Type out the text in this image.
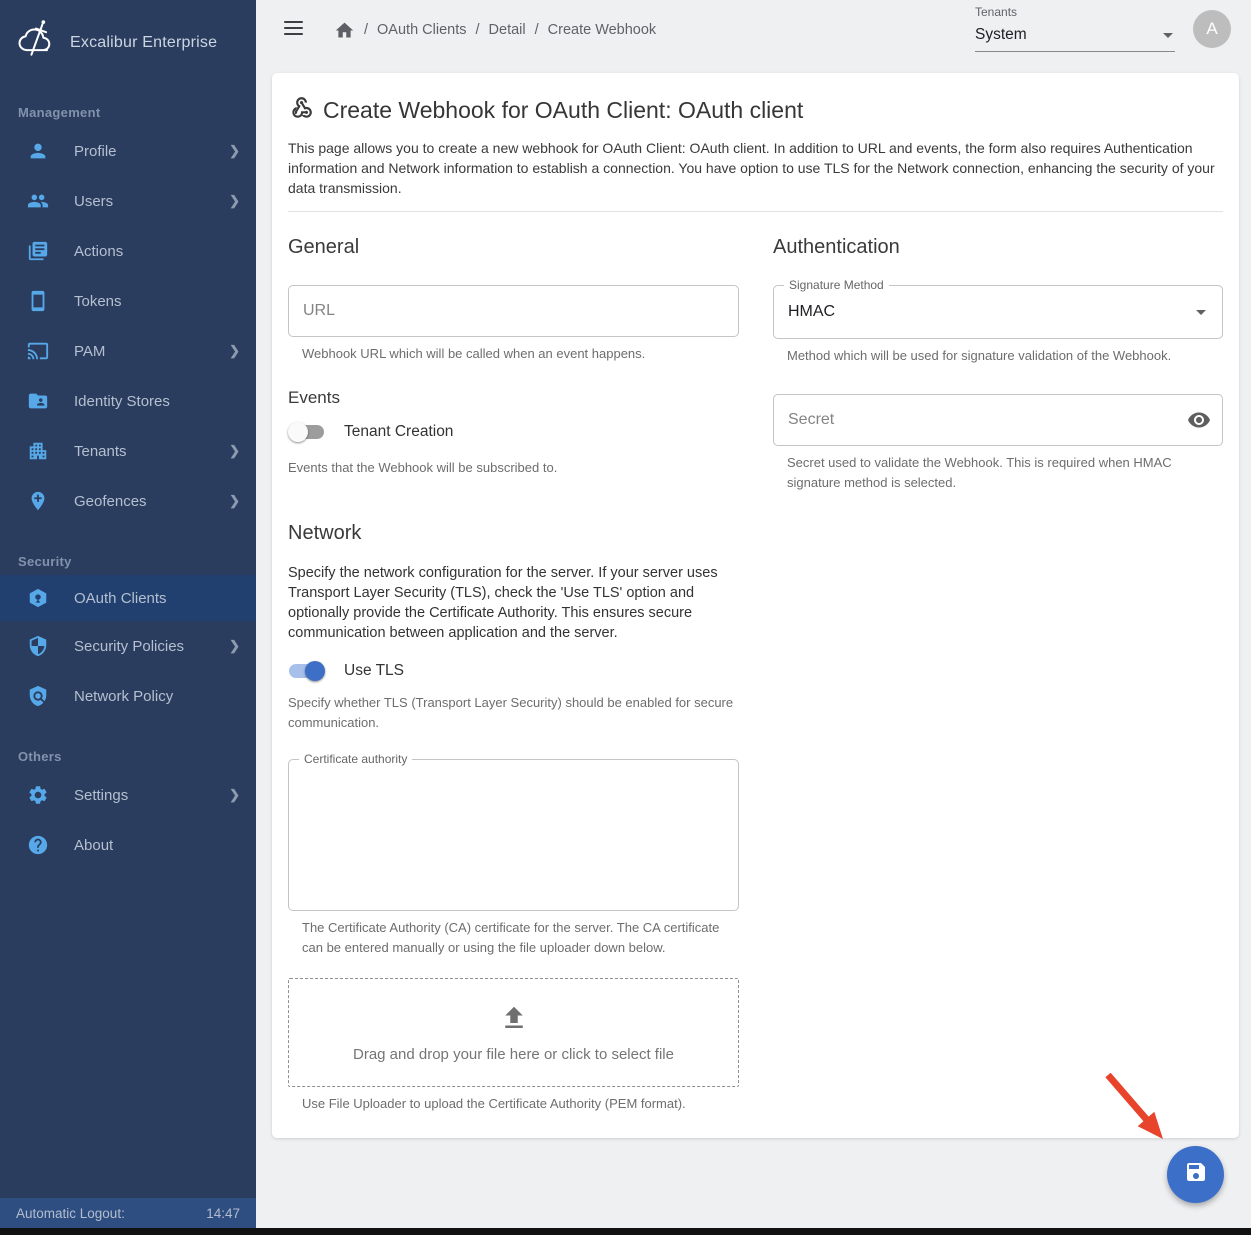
Excalibur Enterprise
Management
Profile	❯
Users	❯
Actions
Tokens
PAM	❯
Identity Stores
Tenants	❯
Geofences	❯
Security
OAuth Clients
Security Policies	❯
Network Policy
Others
Settings	❯
About
Automatic Logout:	14:47
/ OAuth Clients / Detail / Create Webhook
Tenants
System	A
Create Webhook for OAuth Client: OAuth client

This page allows you to create a new webhook for OAuth Client: OAuth client. In addition to URL and events, the form also requires Authentication information and Network information to establish a connection. You have option to use TLS for the Network connection, enhancing the security of your data transmission.

General
URL
Webhook URL which will be called when an event happens.
Events
Tenant Creation
Events that the Webhook will be subscribed to.
Network

Specify the network configuration for the server. If your server uses Transport Layer Security (TLS), check the 'Use TLS' option and optionally provide the Certificate Authority. This ensures secure communication between application and the server.

Use TLS
Specify whether TLS (Transport Layer Security) should be enabled for secure communication.
Certificate authority
The Certificate Authority (CA) certificate for the server. The CA certificate can be entered manually or using the file uploader down below.
Drag and drop your file here or click to select file
Use File Uploader to upload the Certificate Authority (PEM format).
Authentication
Signature Method
HMAC
Method which will be used for signature validation of the Webhook.
Secret
Secret used to validate the Webhook. This is required when HMAC signature method is selected.
